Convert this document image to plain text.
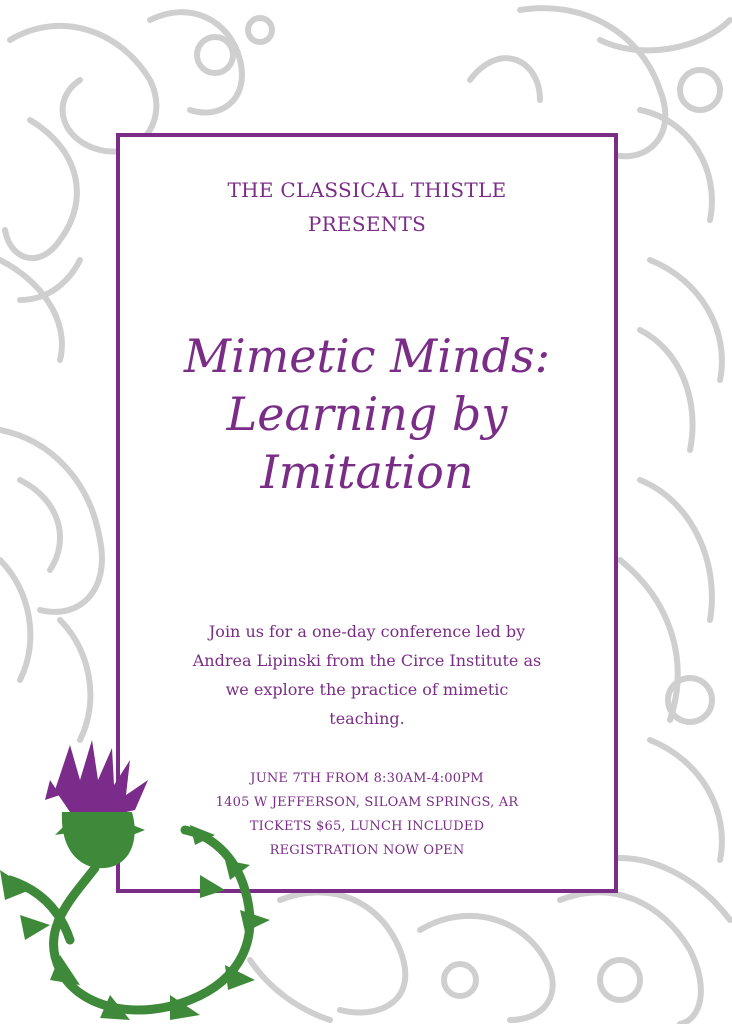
THE CLASSICAL THISTLE
PRESENTS
Mimetic Minds:
Learning by
Imitation
Join us for a one-day conference led by
Andrea Lipinski from the Circe Institute as
we explore the practice of mimetic
teaching.
JUNE 7TH FROM 8:30AM-4:00PM
1405 W JEFFERSON, SILOAM SPRINGS, AR
TICKETS $65, LUNCH INCLUDED
REGISTRATION NOW OPEN
